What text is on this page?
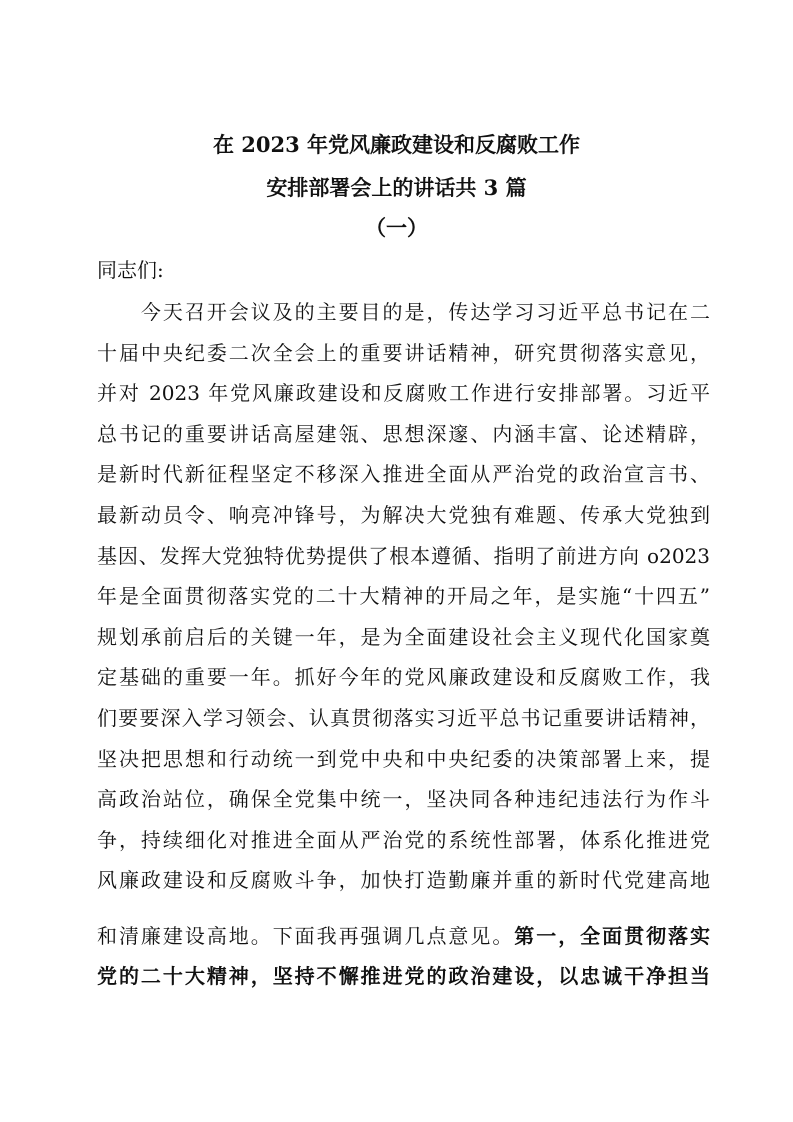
在 2023 年党风廉政建设和反腐败工作
安排部署会上的讲话共 3 篇
（一）
同志们:
　　今天召开会议及的主要目的是，传达学习习近平总书记在二
十届中央纪委二次全会上的重要讲话精神，研究贯彻落实意见，
并对 2023 年党风廉政建设和反腐败工作进行安排部署。习近平
总书记的重要讲话高屋建瓴、思想深邃、内涵丰富、论述精辟，
是新时代新征程坚定不移深入推进全面从严治党的政治宣言书、
最新动员令、响亮冲锋号，为解决大党独有难题、传承大党独到
基因、发挥大党独特优势提供了根本遵循、指明了前进方向 o2023
年是全面贯彻落实党的二十大精神的开局之年，是实施“十四五”
规划承前启后的关键一年，是为全面建设社会主义现代化国家奠
定基础的重要一年。抓好今年的党风廉政建设和反腐败工作，我
们要要深入学习领会、认真贯彻落实习近平总书记重要讲话精神，
坚决把思想和行动统一到党中央和中央纪委的决策部署上来，提
高政治站位，确保全党集中统一，坚决同各种违纪违法行为作斗
争，持续细化对推进全面从严治党的系统性部署，体系化推进党
风廉政建设和反腐败斗争，加快打造勤廉并重的新时代党建高地
和清廉建设高地。下面我再强调几点意见。第一，全面贯彻落实
党的二十大精神，坚持不懈推进党的政治建设，以忠诚干净担当
